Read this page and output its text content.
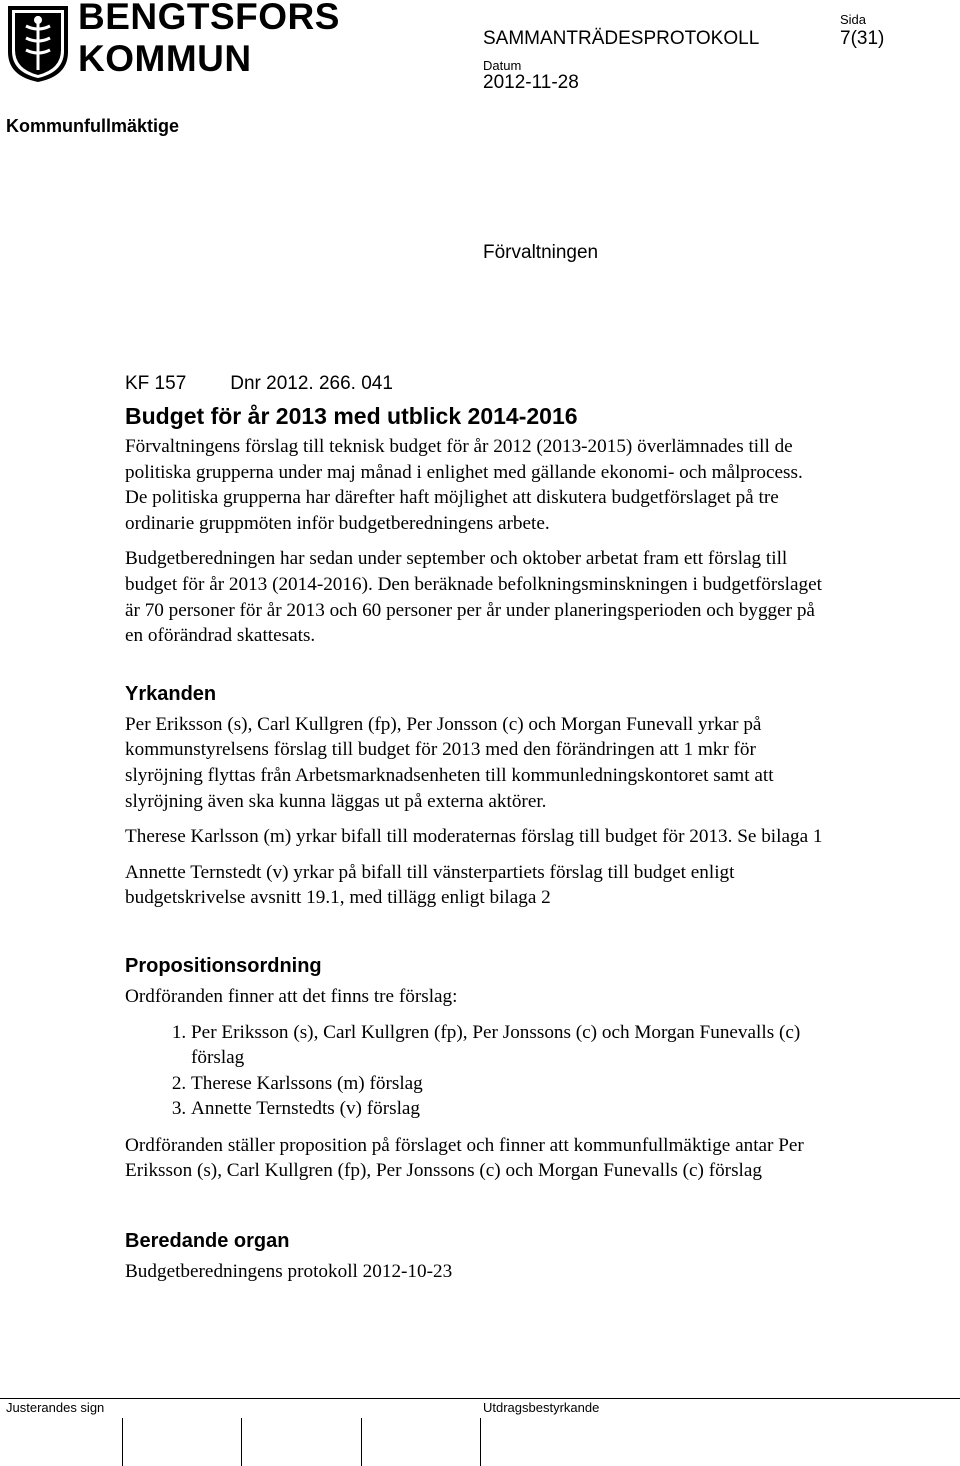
BENGTSFORS
KOMMUN	SAMMANTRÄDESPROTOKOLL
Sida
7(31)
Datum
2012-11-28
Kommunfullmäktige
Förvaltningen
KF 157 Dnr 2012. 266. 041
Budget för år 2013 med utblick 2014-2016

Förvaltningens förslag till teknisk budget för år 2012 (2013-2015) överlämnades till de politiska grupperna under maj månad i enlighet med gällande ekonomi- och målprocess. De politiska grupperna har därefter haft möjlighet att diskutera budgetförslaget på tre ordinarie gruppmöten inför budgetberedningens arbete.

Budgetberedningen har sedan under september och oktober arbetat fram ett förslag till budget för år 2013 (2014-2016). Den beräknade befolkningsminskningen i budgetförslaget är 70 personer för år 2013 och 60 personer per år under planeringsperioden och bygger på en oförändrad skattesats.

Yrkanden

Per Eriksson (s), Carl Kullgren (fp), Per Jonsson (c) och Morgan Funevall yrkar på kommunstyrelsens förslag till budget för 2013 med den förändringen att 1 mkr för slyröjning flyttas från Arbetsmarknadsenheten till kommunledningskontoret samt att slyröjning även ska kunna läggas ut på externa aktörer.

Therese Karlsson (m) yrkar bifall till moderaternas förslag till budget för 2013. Se bilaga 1

Annette Ternstedt (v) yrkar på bifall till vänsterpartiets förslag till budget enligt budgetskrivelse avsnitt 19.1, med tillägg enligt bilaga 2

Propositionsordning

Ordföranden finner att det finns tre förslag:

1. Per Eriksson (s), Carl Kullgren (fp), Per Jonssons (c) och Morgan Funevalls (c) förslag
2. Therese Karlssons (m) förslag
3. Annette Ternstedts (v) förslag

Ordföranden ställer proposition på förslaget och finner att kommunfullmäktige antar Per Eriksson (s), Carl Kullgren (fp), Per Jonssons (c) och Morgan Funevalls (c) förslag

Beredande organ

Budgetberedningens protokoll 2012-10-23

Justerandes sign	Utdragsbestyrkande
